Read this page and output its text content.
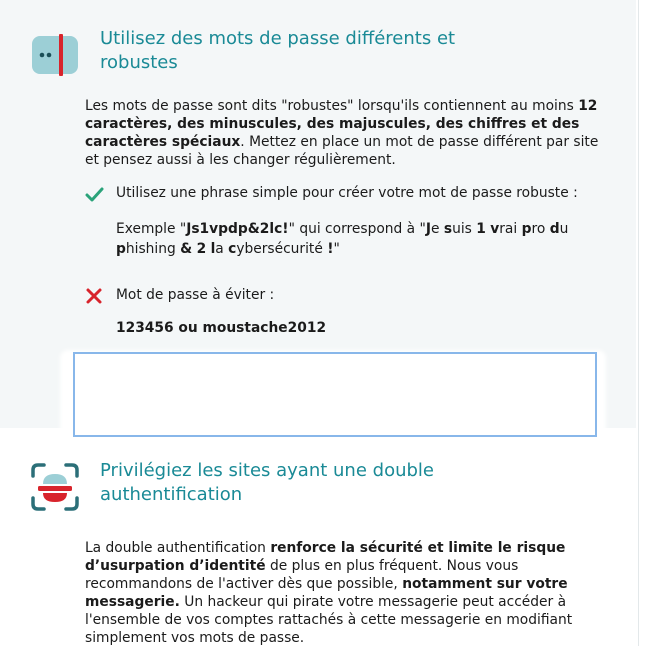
Utilisez des mots de passe différents et robustes
Les mots de passe sont dits "robustes" lorsqu'ils contiennent au moins 12 caractères, des minuscules, des majuscules, des chiffres et des caractères spéciaux. Mettez en place un mot de passe différent par site et pensez aussi à les changer régulièrement.
Utilisez une phrase simple pour créer votre mot de passe robuste :
Exemple "Js1vpdp&2lc!" qui correspond à "Je suis 1 vrai pro du phishing & 2 la cybersécurité !"
Mot de passe à éviter :
123456 ou moustache2012
Privilégiez les sites ayant une double authentification
La double authentification renforce la sécurité et limite le risque d’usurpation d’identité de plus en plus fréquent. Nous vous recommandons de l'activer dès que possible, notamment sur votre messagerie. Un hackeur qui pirate votre messagerie peut accéder à l'ensemble de vos comptes rattachés à cette messagerie en modifiant simplement vos mots de passe.
